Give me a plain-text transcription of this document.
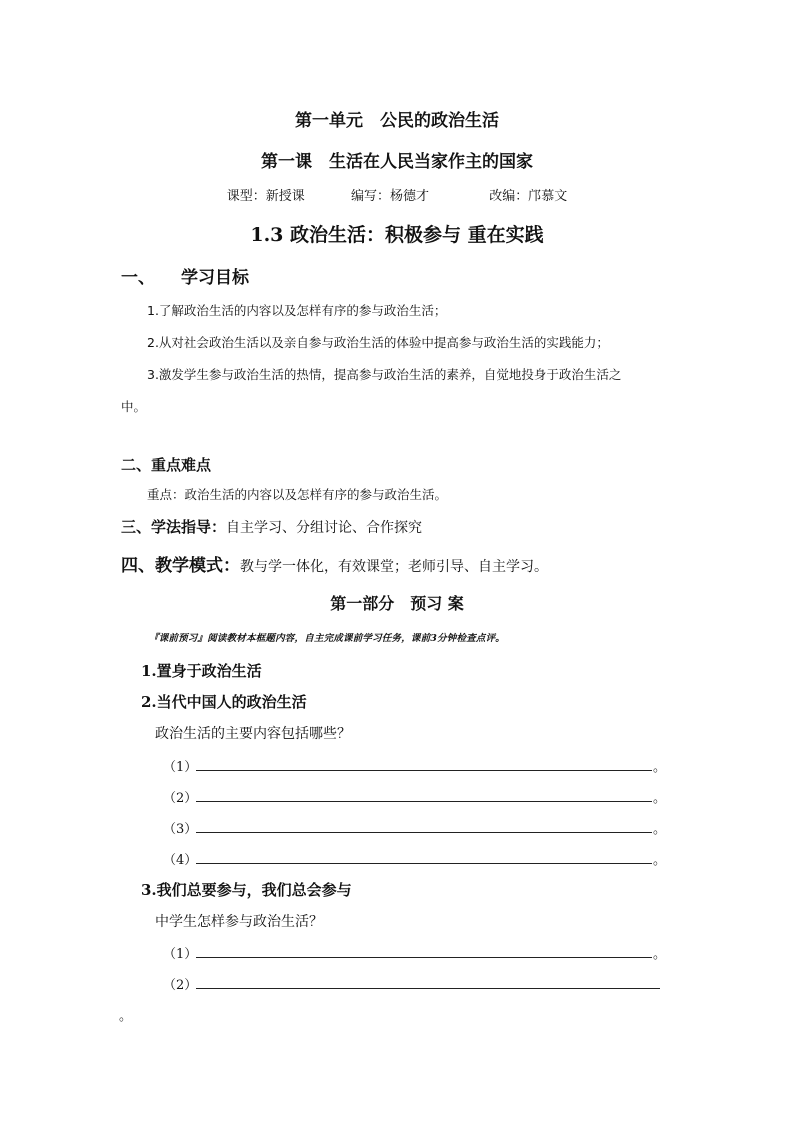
第一单元　公民的政治生活
第一课　生活在人民当家作主的国家
课型：新授课	编写：杨德才	改编：邝慕文
1.3 政治生活：积极参与 重在实践
一、 学习目标
1.了解政治生活的内容以及怎样有序的参与政治生活；
2.从对社会政治生活以及亲自参与政治生活的体验中提高参与政治生活的实践能力；
3.激发学生参与政治生活的热情，提高参与政治生活的素养，自觉地投身于政治生活之
中。
二、重点难点
重点：政治生活的内容以及怎样有序的参与政治生活。
三、学法指导：自主学习、分组讨论、合作探究
四、教学模式：教与学一体化，有效课堂；老师引导、自主学习。
第一部分　预习 案
『课前预习』阅读教材本框题内容，自主完成课前学习任务，课前3分钟检查点评。
1.置身于政治生活
2.当代中国人的政治生活
政治生活的主要内容包括哪些？
（1）	。
（2）	。
（3）	。
（4）	。
3.我们总要参与，我们总会参与
中学生怎样参与政治生活？
（1）	。
（2）
。
